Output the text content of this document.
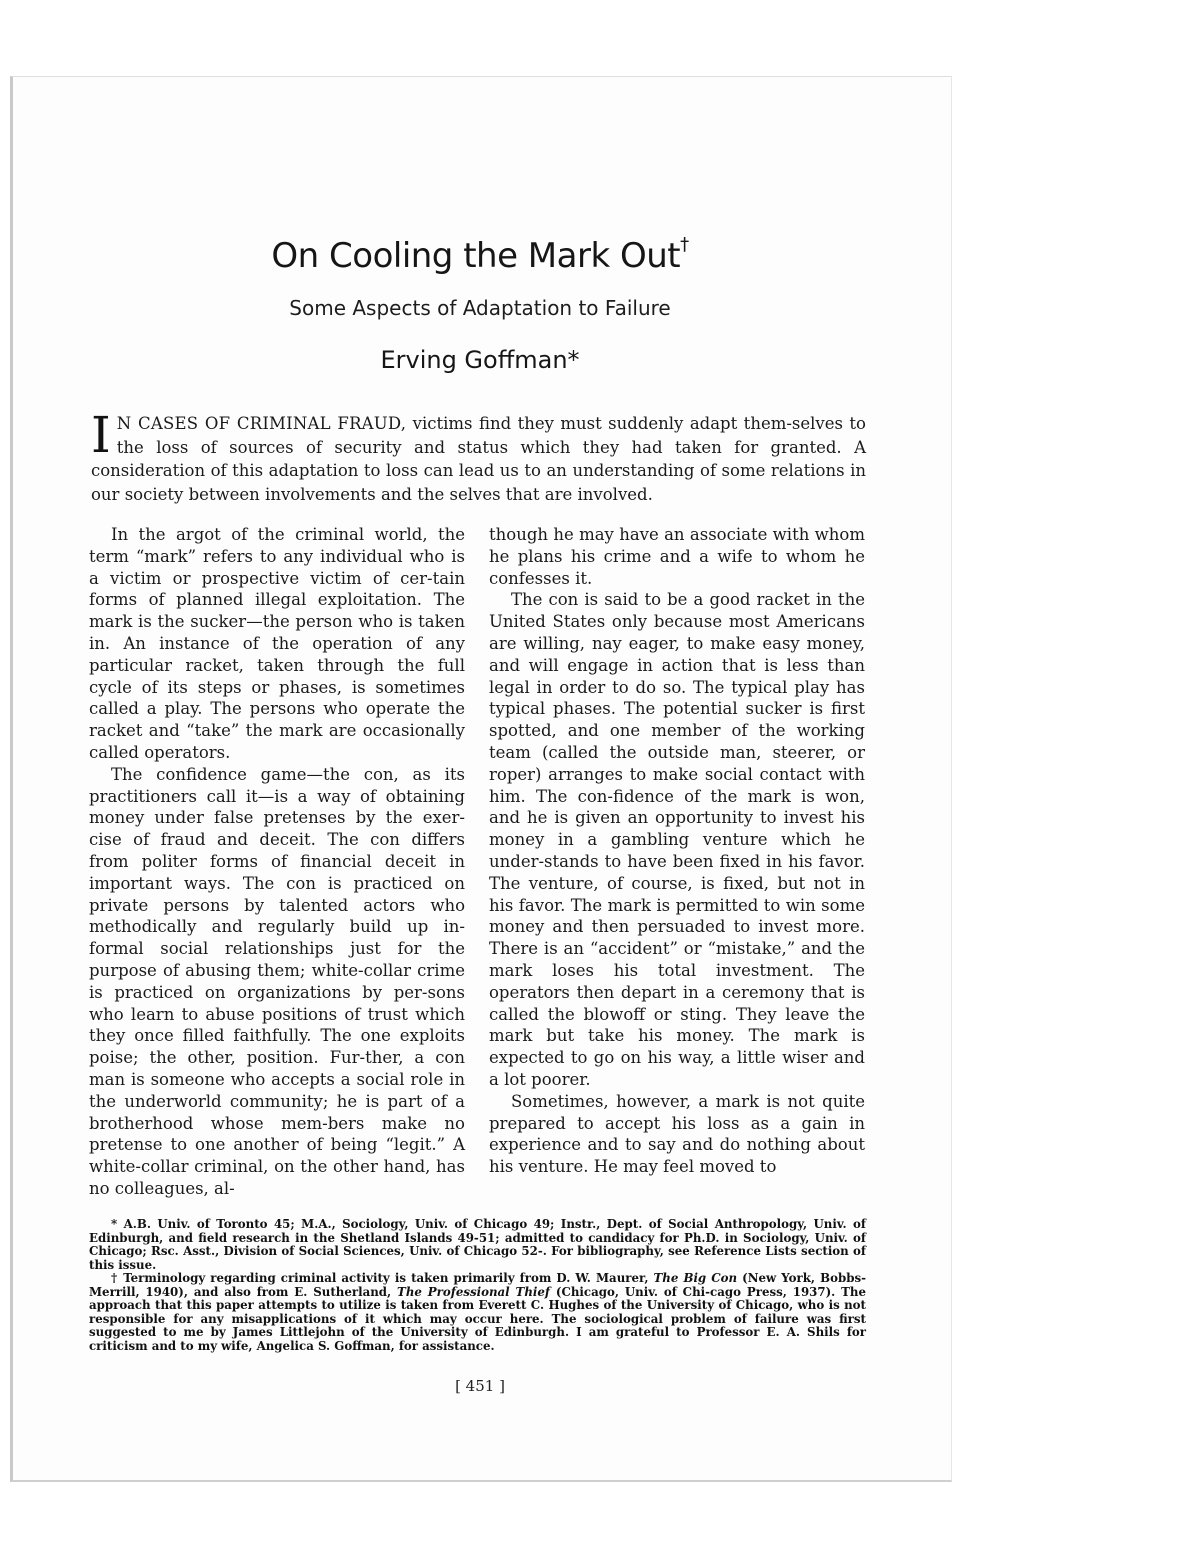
On Cooling the Mark Out†
Some Aspects of Adaptation to Failure
Erving Goffman*

I N CASES OF CRIMINAL FRAUD, victims find they must suddenly adapt them-selves to the loss of sources of security and status which they had taken for granted. A consideration of this adaptation to loss can lead us to an understanding of some relations in our society between involvements and the selves that are involved.

In the argot of the criminal world, the term “mark” refers to any individual who is a victim or prospective victim of cer-tain forms of planned illegal exploitation. The mark is the sucker—the person who is taken in. An instance of the operation of any particular racket, taken through the full cycle of its steps or phases, is sometimes called a play. The persons who operate the racket and “take” the mark are occasionally called operators.

The confidence game—the con, as its practitioners call it—is a way of obtaining money under false pretenses by the exer-cise of fraud and deceit. The con differs from politer forms of financial deceit in important ways. The con is practiced on private persons by talented actors who methodically and regularly build up in-formal social relationships just for the purpose of abusing them; white-collar crime is practiced on organizations by per-sons who learn to abuse positions of trust which they once filled faithfully. The one exploits poise; the other, position. Fur-ther, a con man is someone who accepts a social role in the underworld community; he is part of a brotherhood whose mem-bers make no pretense to one another of being “legit.” A white-collar criminal, on the other hand, has no colleagues, al-

though he may have an associate with whom he plans his crime and a wife to whom he confesses it.

The con is said to be a good racket in the United States only because most Americans are willing, nay eager, to make easy money, and will engage in action that is less than legal in order to do so. The typical play has typical phases. The potential sucker is first spotted, and one member of the working team (called the outside man, steerer, or roper) arranges to make social contact with him. The con-fidence of the mark is won, and he is given an opportunity to invest his money in a gambling venture which he under-stands to have been fixed in his favor. The venture, of course, is fixed, but not in his favor. The mark is permitted to win some money and then persuaded to invest more. There is an “accident” or “mistake,” and the mark loses his total investment. The operators then depart in a ceremony that is called the blowoff or sting. They leave the mark but take his money. The mark is expected to go on his way, a little wiser and a lot poorer.

Sometimes, however, a mark is not quite prepared to accept his loss as a gain in experience and to say and do nothing about his venture. He may feel moved to

* A.B. Univ. of Toronto 45; M.A., Sociology, Univ. of Chicago 49; Instr., Dept. of Social Anthropology, Univ. of Edinburgh, and field research in the Shetland Islands 49-51; admitted to candidacy for Ph.D. in Sociology, Univ. of Chicago; Rsc. Asst., Division of Social Sciences, Univ. of Chicago 52-. For bibliography, see Reference Lists section of this issue.

† Terminology regarding criminal activity is taken primarily from D. W. Maurer, The Big Con (New York, Bobbs-Merrill, 1940), and also from E. Sutherland, The Professional Thief (Chicago, Univ. of Chi-cago Press, 1937). The approach that this paper attempts to utilize is taken from Everett C. Hughes of the University of Chicago, who is not responsible for any misapplications of it which may occur here. The sociological problem of failure was first suggested to me by James Littlejohn of the University of Edinburgh. I am grateful to Professor E. A. Shils for criticism and to my wife, Angelica S. Goffman, for assistance.

[ 451 ]
